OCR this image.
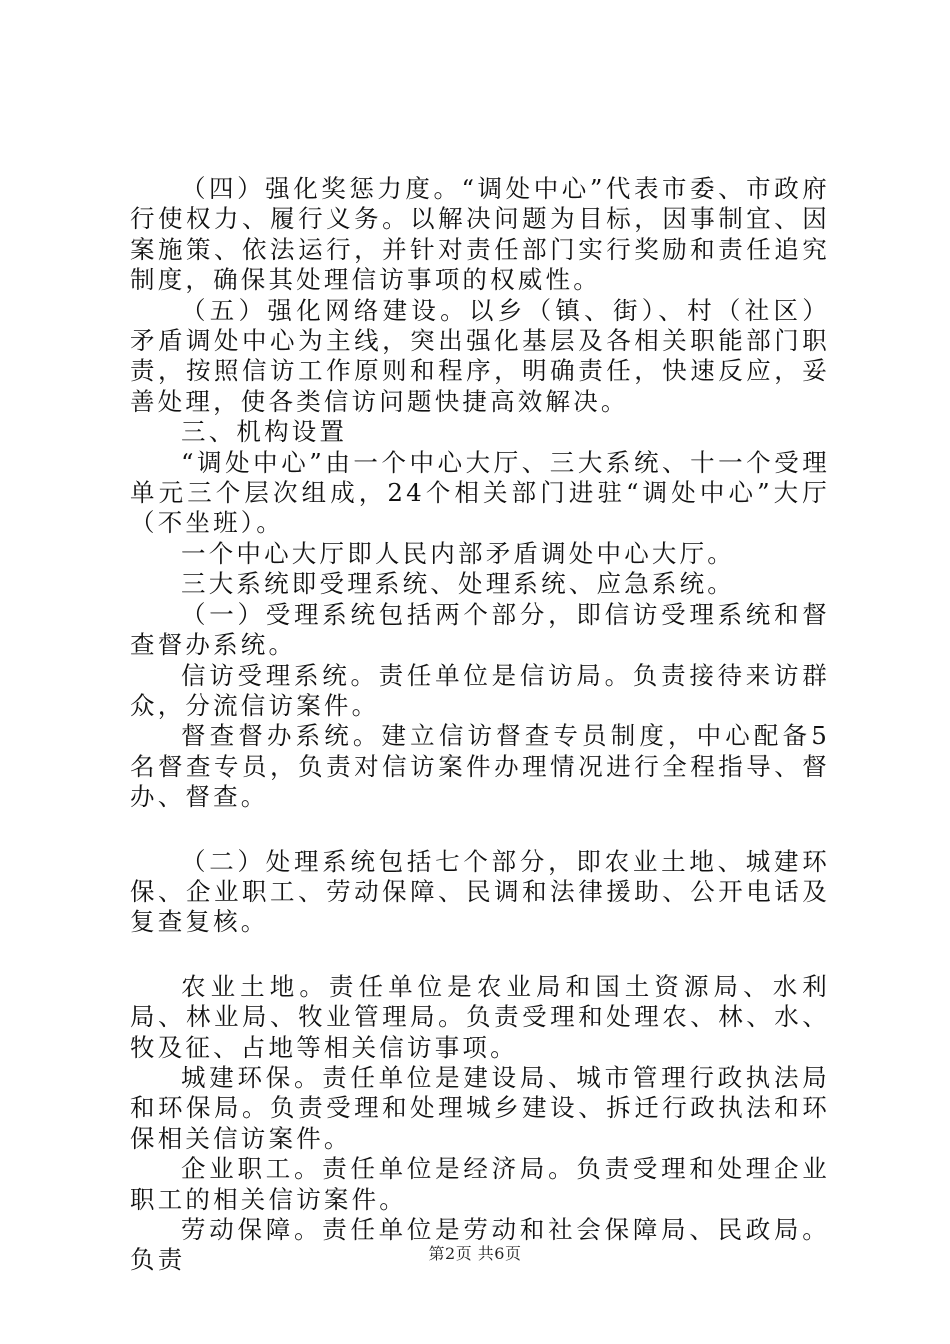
（四）强化奖惩力度。“调处中心”代表市委、市政府行使权力、履行义务。以解决问题为目标，因事制宜、因案施策、依法运行，并针对责任部门实行奖励和责任追究制度，确保其处理信访事项的权威性。

（五）强化网络建设。以乡（镇、街）、村（社区）矛盾调处中心为主线，突出强化基层及各相关职能部门职责，按照信访工作原则和程序，明确责任，快速反应，妥善处理，使各类信访问题快捷高效解决。

三、机构设置

“调处中心”由一个中心大厅、三大系统、十一个受理单元三个层次组成，24个相关部门进驻“调处中心”大厅（不坐班）。

一个中心大厅即人民内部矛盾调处中心大厅。

三大系统即受理系统、处理系统、应急系统。

（一）受理系统包括两个部分，即信访受理系统和督查督办系统。

信访受理系统。责任单位是信访局。负责接待来访群众，分流信访案件。

督查督办系统。建立信访督查专员制度，中心配备5名督查专员，负责对信访案件办理情况进行全程指导、督办、督查。

（二）处理系统包括七个部分，即农业土地、城建环保、企业职工、劳动保障、民调和法律援助、公开电话及复查复核。

农业土地。责任单位是农业局和国土资源局、水利局、林业局、牧业管理局。负责受理和处理农、林、水、牧及征、占地等相关信访事项。

城建环保。责任单位是建设局、城市管理行政执法局和环保局。负责受理和处理城乡建设、拆迁行政执法和环保相关信访案件。

企业职工。责任单位是经济局。负责受理和处理企业职工的相关信访案件。

劳动保障。责任单位是劳动和社会保障局、民政局。负责	第2页 共6页
